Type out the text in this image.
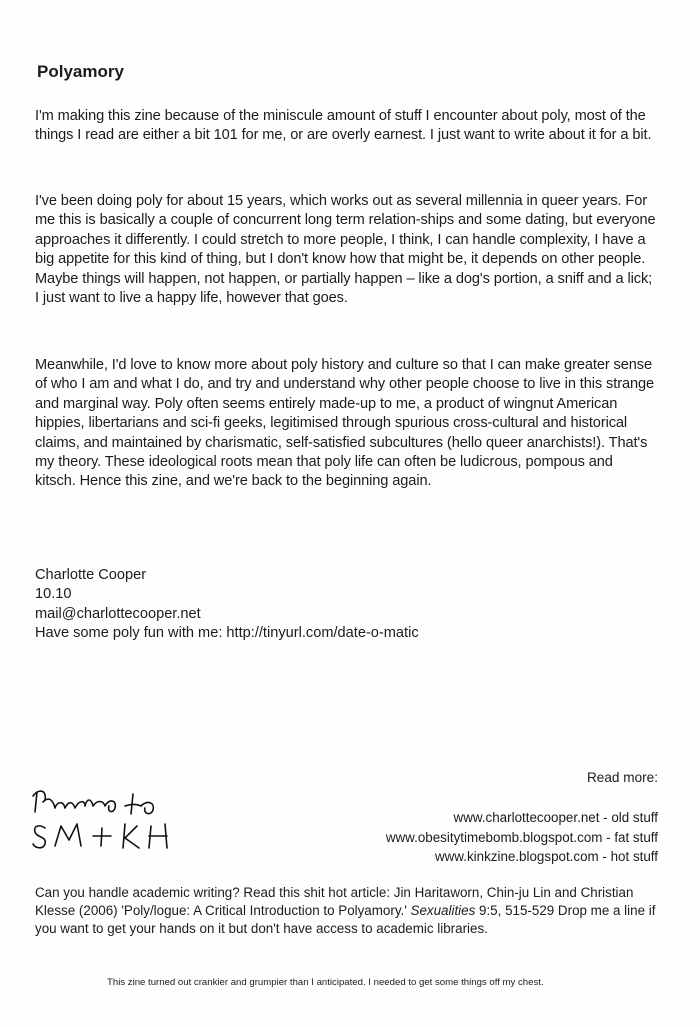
Polyamory

I'm making this zine because of the miniscule amount of stuff I encounter about poly, most of the things I read are either a bit 101 for me, or are overly earnest. I just want to write about it for a bit.

I've been doing poly for about 15 years, which works out as several millennia in queer years. For me this is basically a couple of concurrent long term relation-ships and some dating, but everyone approaches it differently. I could stretch to more people, I think, I can handle complexity, I have a big appetite for this kind of thing, but I don't know how that might be, it depends on other people. Maybe things will happen, not happen, or partially happen – like a dog's portion, a sniff and a lick; I just want to live a happy life, however that goes.

Meanwhile, I'd love to know more about poly history and culture so that I can make greater sense of who I am and what I do, and try and understand why other people choose to live in this strange and marginal way. Poly often seems entirely made-up to me, a product of wingnut American hippies, libertarians and sci-fi geeks, legitimised through spurious cross-cultural and historical claims, and maintained by charismatic, self-satisfied subcultures (hello queer anarchists!). That's my theory. These ideological roots mean that poly life can often be ludicrous, pompous and kitsch. Hence this zine, and we're back to the beginning again.

Charlotte Cooper
10.10
mail@charlottecooper.net
Have some poly fun with me: http://tinyurl.com/date-o-matic
Read more:
www.charlottecooper.net - old stuff
www.obesitytimebomb.blogspot.com - fat stuff
www.kinkzine.blogspot.com - hot stuff

Can you handle academic writing? Read this shit hot article: Jin Haritaworn, Chin-ju Lin and Christian Klesse (2006) 'Poly/logue: A Critical Introduction to Polyamory.' Sexualities 9:5, 515-529 Drop me a line if you want to get your hands on it but don't have access to academic libraries.

This zine turned out crankier and grumpier than I anticipated. I needed to get some things off my chest.
